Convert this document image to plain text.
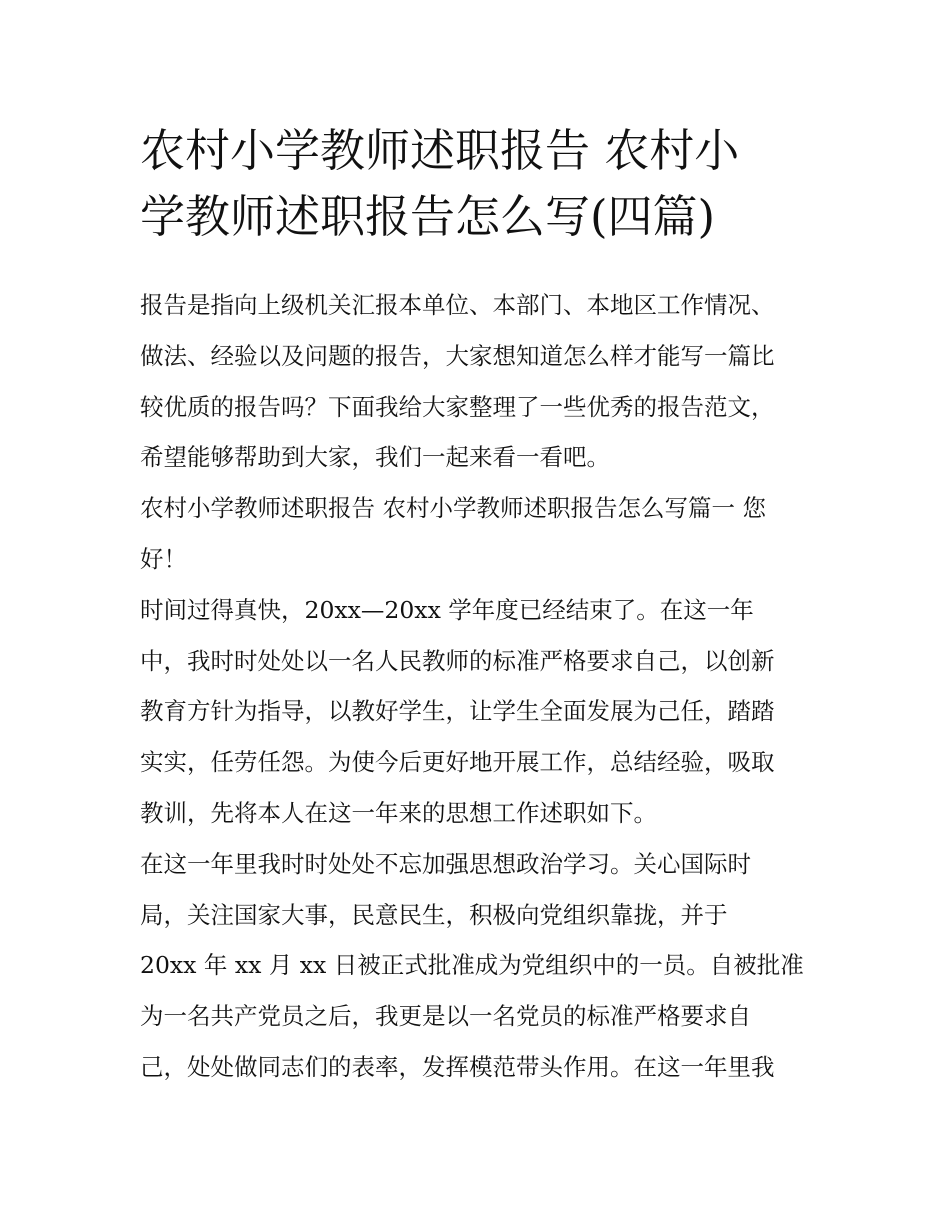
农村小学教师述职报告 农村小
学教师述职报告怎么写(四篇)
报告是指向上级机关汇报本单位、本部门、本地区工作情况、
做法、经验以及问题的报告，大家想知道怎么样才能写一篇比
较优质的报告吗？下面我给大家整理了一些优秀的报告范文，
希望能够帮助到大家，我们一起来看一看吧。
农村小学教师述职报告 农村小学教师述职报告怎么写篇一 您
好！
时间过得真快，20xx—20xx 学年度已经结束了。在这一年
中，我时时处处以一名人民教师的标准严格要求自己，以创新
教育方针为指导，以教好学生，让学生全面发展为己任，踏踏
实实，任劳任怨。为使今后更好地开展工作，总结经验，吸取
教训，先将本人在这一年来的思想工作述职如下。
在这一年里我时时处处不忘加强思想政治学习。关心国际时
局，关注国家大事，民意民生，积极向党组织靠拢，并于
20xx 年 xx 月 xx 日被正式批准成为党组织中的一员。自被批准
为一名共产党员之后，我更是以一名党员的标准严格要求自
己，处处做同志们的表率，发挥模范带头作用。在这一年里我
